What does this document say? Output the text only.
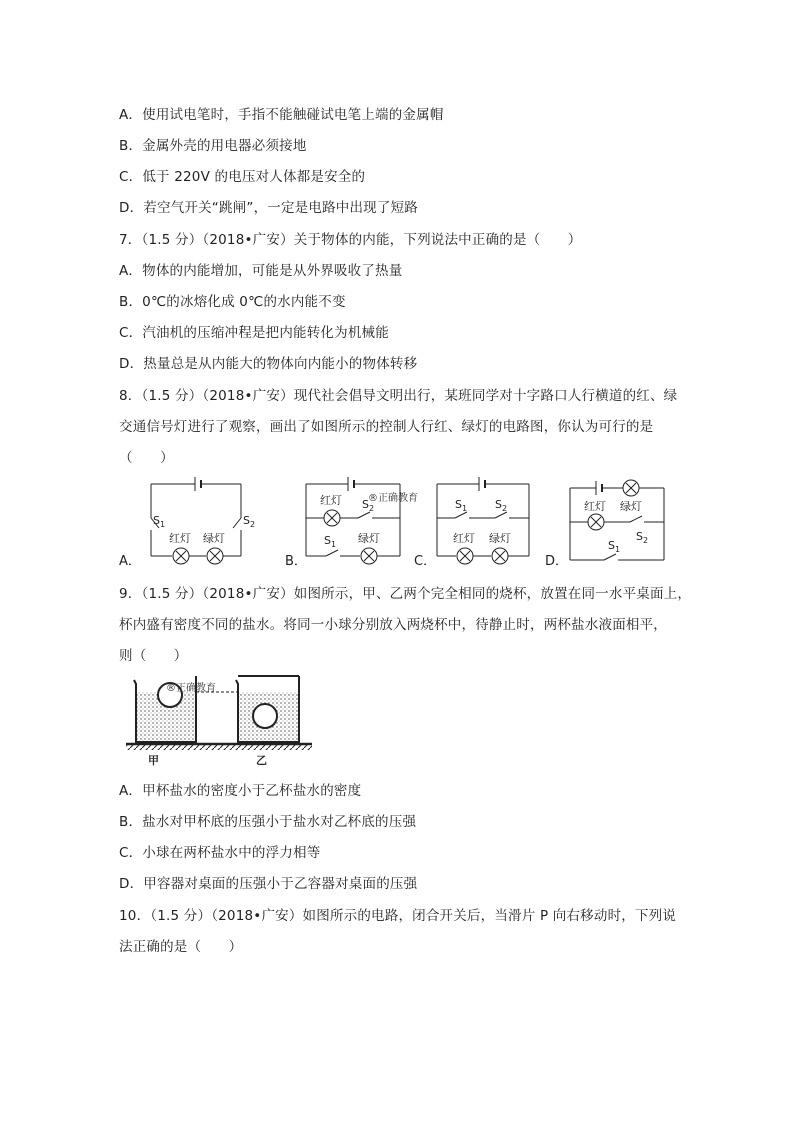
A．使用试电笔时，手指不能触碰试电笔上端的金属帽
B．金属外壳的用电器必须接地
C．低于 220V 的电压对人体都是安全的
D．若空气开关“跳闸”，一定是电路中出现了短路
7．（1.5 分）（2018•广安）关于物体的内能，下列说法中正确的是（　　）
A．物体的内能增加，可能是从外界吸收了热量
B．0℃的冰熔化成 0℃的水内能不变
C．汽油机的压缩冲程是把内能转化为机械能
D．热量总是从内能大的物体向内能小的物体转移
8．（1.5 分）（2018•广安）现代社会倡导文明出行，某班同学对十字路口人行横道的红、绿
交通信号灯进行了观察，画出了如图所示的控制人行红、绿灯的电路图，你认为可行的是
（　　）
A．
$S_1$	$S_2$
红灯 绿灯
B．
红灯 $S_2$
®正确教育
$S_1$ 绿灯
C．
$S_1$	$S_2$
红灯 绿灯
D．
红灯 绿灯
$S_2$
$S_1$
9．（1.5 分）（2018•广安）如图所示，甲、乙两个完全相同的烧杯，放置在同一水平桌面上，
杯内盛有密度不同的盐水。将同一小球分别放入两烧杯中，待静止时，两杯盐水液面相平，
则（　　）
®正确教育
甲	乙
A．甲杯盐水的密度小于乙杯盐水的密度
B．盐水对甲杯底的压强小于盐水对乙杯底的压强
C．小球在两杯盐水中的浮力相等
D．甲容器对桌面的压强小于乙容器对桌面的压强
10．（1.5 分）（2018•广安）如图所示的电路，闭合开关后，当滑片 P 向右移动时，下列说
法正确的是（　　）
